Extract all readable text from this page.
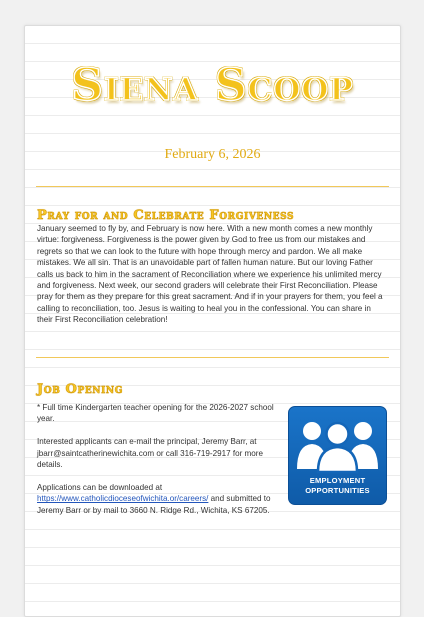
Siena Scoop
February 6, 2026
Pray for and Celebrate Forgiveness
January seemed to fly by, and February is now here. With a new month comes a new monthly virtue: forgiveness. Forgiveness is the power given by God to free us from our mistakes and regrets so that we can look to the future with hope through mercy and pardon. We all make mistakes. We all sin. That is an unavoidable part of fallen human nature. But our loving Father calls us back to him in the sacrament of Reconciliation where we experience his unlimited mercy and forgiveness. Next week, our second graders will celebrate their First Reconciliation. Please pray for them as they prepare for this great sacrament. And if in your prayers for them, you feel a calling to reconciliation, too. Jesus is waiting to heal you in the confessional. You can share in their First Reconciliation celebration!
Job Opening

* Full time Kindergarten teacher opening for the 2026-2027 school year.

Interested applicants can e-mail the principal, Jeremy Barr, at jbarr@saintcatherinewichita.com or call 316-719-2917 for more details.

Applications can be downloaded at https://www.catholicdioceseofwichita.or/careers/ and submitted to Jeremy Barr or by mail to 3660 N. Ridge Rd., Wichita, KS 67205.

EMPLOYMENT
OPPORTUNITIES
